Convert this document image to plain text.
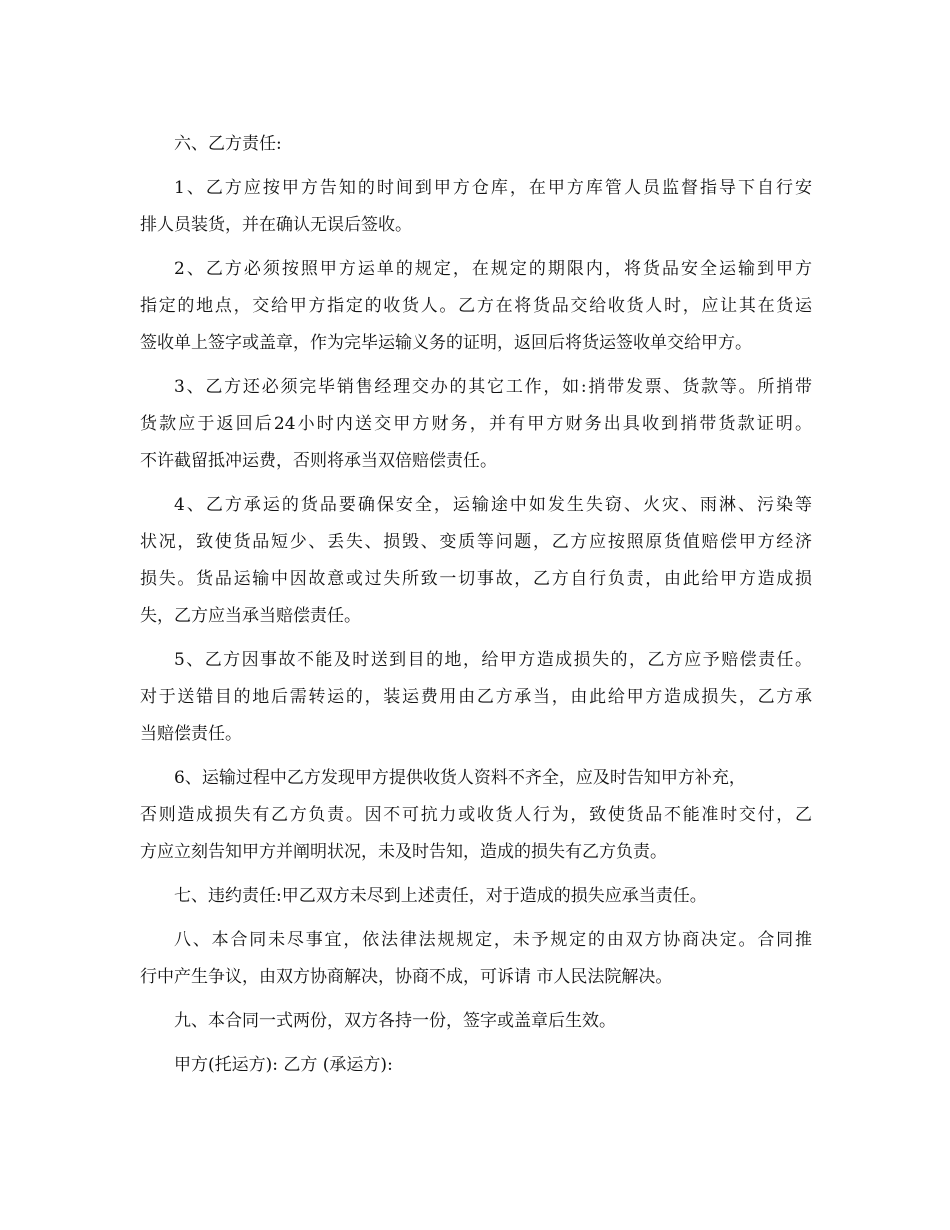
六、乙方责任:

1、乙方应按甲方告知的时间到甲方仓库，在甲方库管人员监督指导下自行安

排人员装货，并在确认无误后签收。

2、乙方必须按照甲方运单的规定，在规定的期限内，将货品安全运输到甲方

指定的地点，交给甲方指定的收货人。乙方在将货品交给收货人时，应让其在货运

签收单上签字或盖章，作为完毕运输义务的证明，返回后将货运签收单交给甲方。

3、乙方还必须完毕销售经理交办的其它工作，如:捎带发票、货款等。所捎带

货款应于返回后24小时内送交甲方财务，并有甲方财务出具收到捎带货款证明。

不许截留抵冲运费，否则将承当双倍赔偿责任。

4、乙方承运的货品要确保安全，运输途中如发生失窃、火灾、雨淋、污染等

状况，致使货品短少、丢失、损毁、变质等问题，乙方应按照原货值赔偿甲方经济

损失。货品运输中因故意或过失所致一切事故，乙方自行负责，由此给甲方造成损

失，乙方应当承当赔偿责任。

5、乙方因事故不能及时送到目的地，给甲方造成损失的，乙方应予赔偿责任。

对于送错目的地后需转运的，装运费用由乙方承当，由此给甲方造成损失，乙方承

当赔偿责任。

6、运输过程中乙方发现甲方提供收货人资料不齐全，应及时告知甲方补充，

否则造成损失有乙方负责。因不可抗力或收货人行为，致使货品不能准时交付，乙

方应立刻告知甲方并阐明状况，未及时告知，造成的损失有乙方负责。

七、违约责任:甲乙双方未尽到上述责任，对于造成的损失应承当责任。

八、本合同未尽事宜，依法律法规规定，未予规定的由双方协商决定。合同推

行中产生争议，由双方协商解决，协商不成，可诉请 市人民法院解决。

九、本合同一式两份，双方各持一份，签字或盖章后生效。

甲方(托运方): 乙方 (承运方):
